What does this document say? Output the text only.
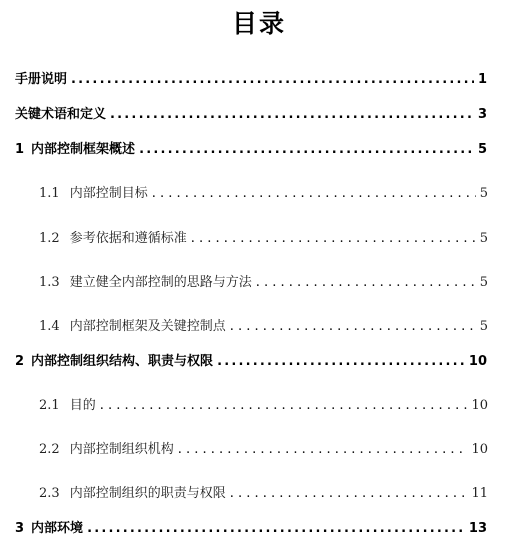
目录
手册说明 .....	1
关键术语和定义 .....	3
1 内部控制框架概述 .....	5
1.1 内部控制目标 . . .	5
1.2 参考依据和遵循标准 . . .	5
1.3 建立健全内部控制的思路与方法 . . .	5
1.4 内部控制框架及关键控制点 . . .	5
2 内部控制组织结构、职责与权限 .....	10
2.1 目的 . . .	10
2.2 内部控制组织机构 . . .	10
2.3 内部控制组织的职责与权限 . . .	11
3 内部环境 .....	13
